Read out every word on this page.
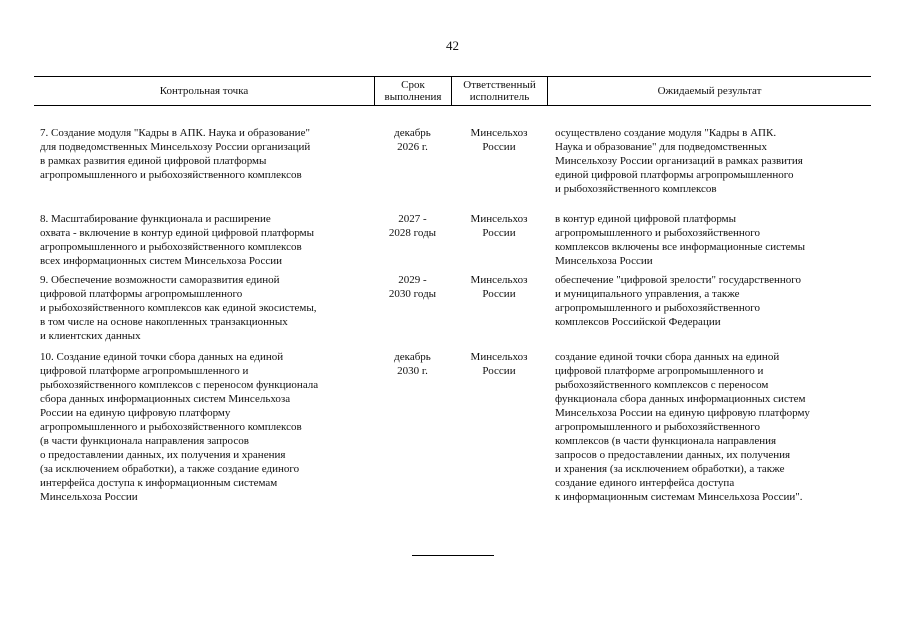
42
Контрольная точка	Срок
выполнения
Ответственный
исполнитель	Ожидаемый результат
7. Создание модуля "Кадры в АПК. Наука и образование"
для подведомственных Минсельхозу России организаций
в рамках развития единой цифровой платформы
агропромышленного и рыбохозяйственного комплексов
декабрь
2026 г.
Минсельхоз
России
осуществлено создание модуля "Кадры в АПК.
Наука и образование" для подведомственных
Минсельхозу России организаций в рамках развития
единой цифровой платформы агропромышленного
и рыбохозяйственного комплексов
8. Масштабирование функционала и расширение
охвата - включение в контур единой цифровой платформы
агропромышленного и рыбохозяйственного комплексов
всех информационных систем Минсельхоза России
2027 -
2028 годы
Минсельхоз
России
в контур единой цифровой платформы
агропромышленного и рыбохозяйственного
комплексов включены все информационные системы
Минсельхоза России
9. Обеспечение возможности саморазвития единой
цифровой платформы агропромышленного
и рыбохозяйственного комплексов как единой экосистемы,
в том числе на основе накопленных транзакционных
и клиентских данных
2029 -
2030 годы
Минсельхоз
России
обеспечение "цифровой зрелости" государственного
и муниципального управления, а также
агропромышленного и рыбохозяйственного
комплексов Российской Федерации
10. Создание единой точки сбора данных на единой
цифровой платформе агропромышленного и
рыбохозяйственного комплексов с переносом функционала
сбора данных информационных систем Минсельхоза
России на единую цифровую платформу
агропромышленного и рыбохозяйственного комплексов
(в части функционала направления запросов
о предоставлении данных, их получения и хранения
(за исключением обработки), а также создание единого
интерфейса доступа к информационным системам
Минсельхоза России
декабрь
2030 г.
Минсельхоз
России
создание единой точки сбора данных на единой
цифровой платформе агропромышленного и
рыбохозяйственного комплексов с переносом
функционала сбора данных информационных систем
Минсельхоза России на единую цифровую платформу
агропромышленного и рыбохозяйственного
комплексов (в части функционала направления
запросов о предоставлении данных, их получения
и хранения (за исключением обработки), а также
создание единого интерфейса доступа
к информационным системам Минсельхоза России".
